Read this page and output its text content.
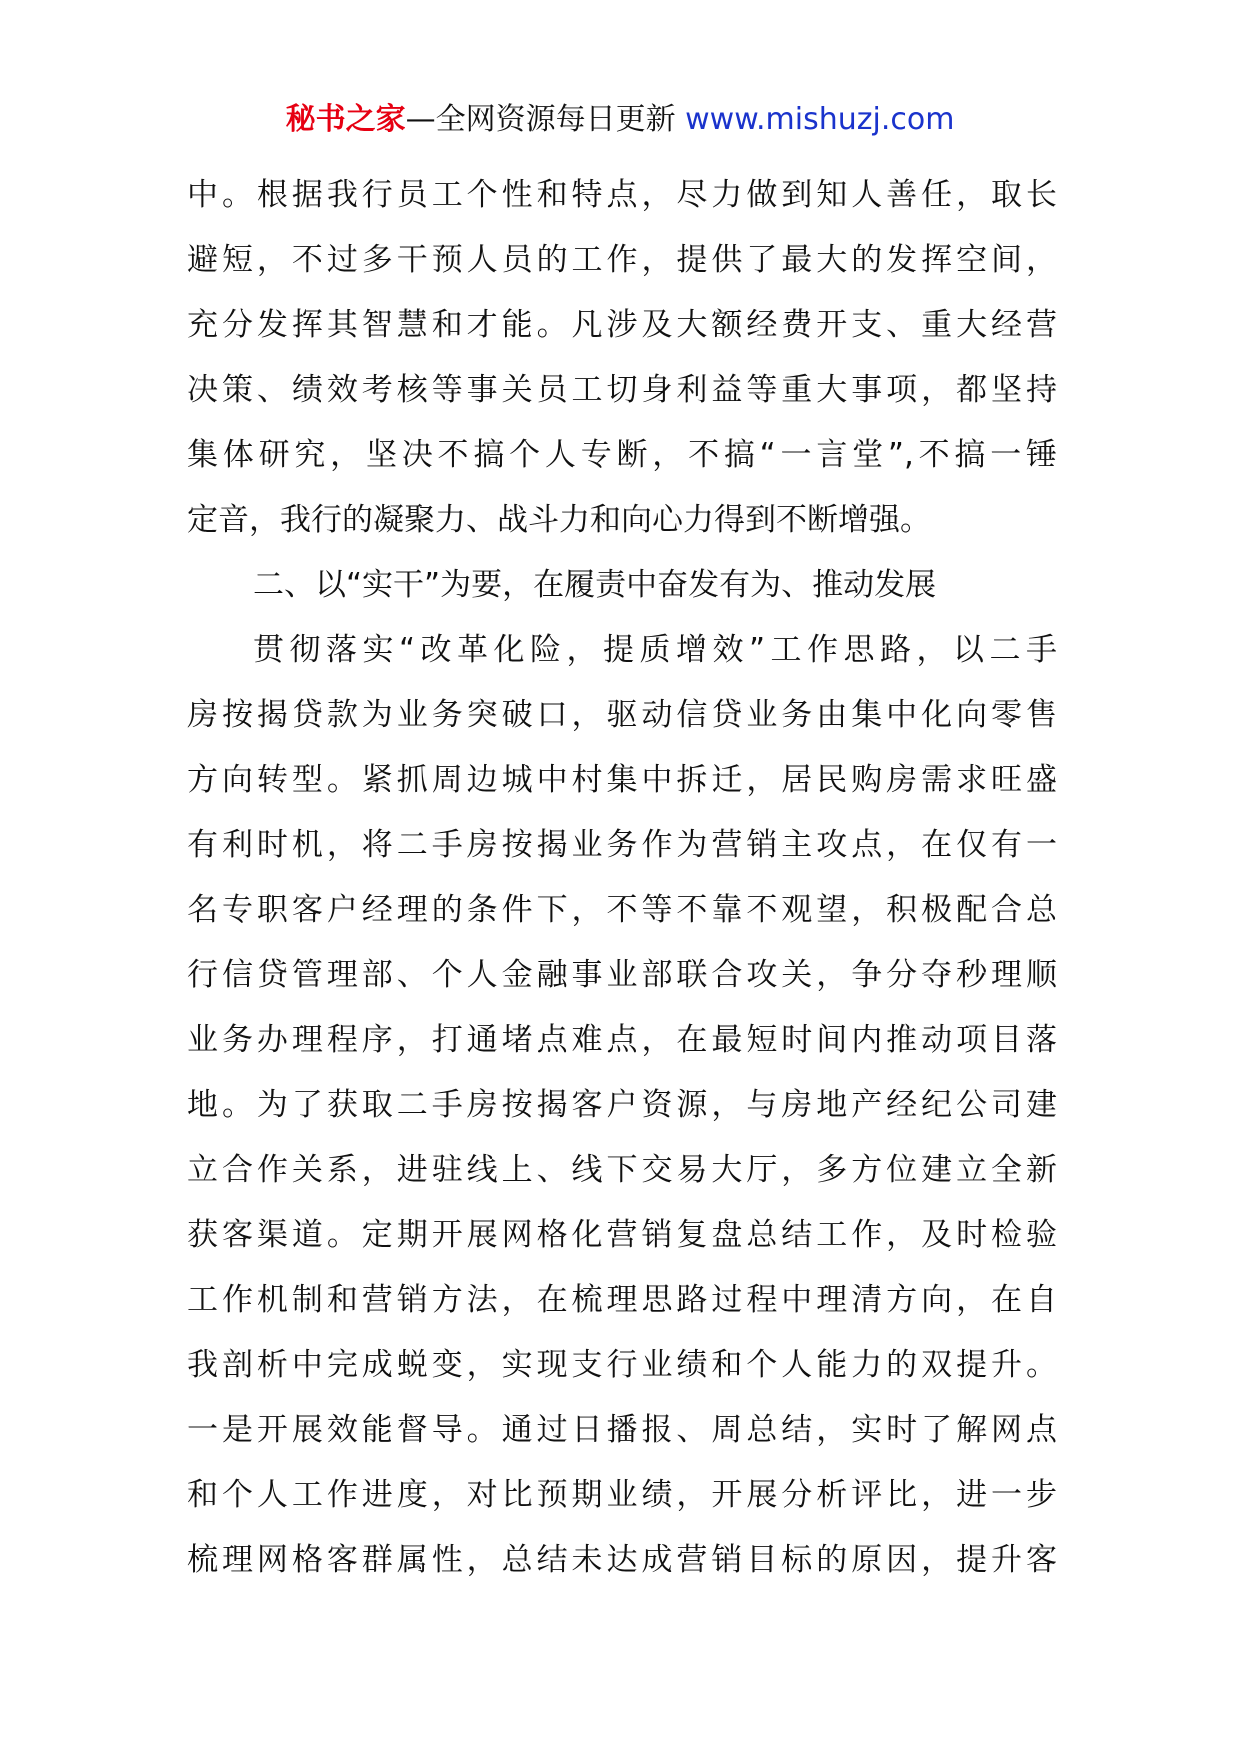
秘书之家—全网资源每日更新 www.mishuzj.com
中。根据我行员工个性和特点，尽力做到知人善任，取长
避短，不过多干预人员的工作，提供了最大的发挥空间，
充分发挥其智慧和才能。凡涉及大额经费开支、重大经营
决策、绩效考核等事关员工切身利益等重大事项，都坚持
集体研究，坚决不搞个人专断，不搞“一言堂”,不搞一锤
定音，我行的凝聚力、战斗力和向心力得到不断增强。
二、以“实干”为要，在履责中奋发有为、推动发展
贯彻落实“改革化险，提质增效”工作思路，以二手
房按揭贷款为业务突破口，驱动信贷业务由集中化向零售
方向转型。紧抓周边城中村集中拆迁，居民购房需求旺盛
有利时机，将二手房按揭业务作为营销主攻点，在仅有一
名专职客户经理的条件下，不等不靠不观望，积极配合总
行信贷管理部、个人金融事业部联合攻关，争分夺秒理顺
业务办理程序，打通堵点难点，在最短时间内推动项目落
地。为了获取二手房按揭客户资源，与房地产经纪公司建
立合作关系，进驻线上、线下交易大厅，多方位建立全新
获客渠道。定期开展网格化营销复盘总结工作，及时检验
工作机制和营销方法，在梳理思路过程中理清方向，在自
我剖析中完成蜕变，实现支行业绩和个人能力的双提升。
一是开展效能督导。通过日播报、周总结，实时了解网点
和个人工作进度，对比预期业绩，开展分析评比，进一步
梳理网格客群属性，总结未达成营销目标的原因，提升客
